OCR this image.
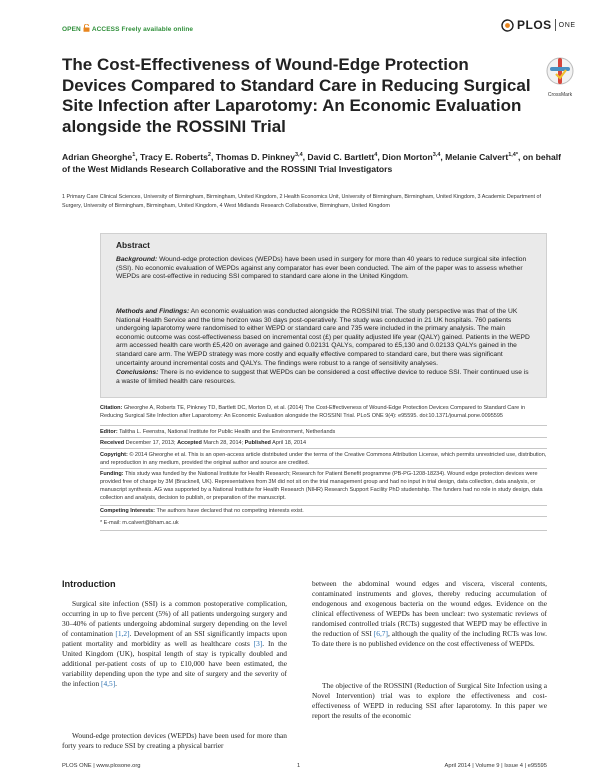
OPEN ACCESS Freely available online	PLOS ONE
The Cost-Effectiveness of Wound-Edge Protection Devices Compared to Standard Care in Reducing Surgical Site Infection after Laparotomy: An Economic Evaluation alongside the ROSSINI Trial
CrossMark
Adrian Gheorghe$^1$, Tracy E. Roberts$^2$, Thomas D. Pinkney$^{3,4}$, David C. Bartlett$^4$, Dion Morton$^{3,4}$, Melanie Calvert$^{1,4*}$, on behalf of the West Midlands Research Collaborative and the ROSSINI Trial Investigators
1 Primary Care Clinical Sciences, University of Birmingham, Birmingham, United Kingdom, 2 Health Economics Unit, University of Birmingham, Birmingham, United Kingdom, 3 Academic Department of Surgery, University of Birmingham, Birmingham, United Kingdom, 4 West Midlands Research Collaborative, Birmingham, United Kingdom
Abstract
Background: Wound-edge protection devices (WEPDs) have been used in surgery for more than 40 years to reduce surgical site infection (SSI). No economic evaluation of WEPDs against any comparator has ever been conducted. The aim of the paper was to assess whether WEPDs are cost-effective in reducing SSI compared to standard care alone in the United Kingdom.
Methods and Findings: An economic evaluation was conducted alongside the ROSSINI trial. The study perspective was that of the UK National Health Service and the time horizon was 30 days post-operatively. The study was conducted in 21 UK hospitals. 760 patients undergoing laparotomy were randomised to either WEPD or standard care and 735 were included in the primary analysis. The main economic outcome was cost-effectiveness based on incremental cost (£) per quality adjusted life year (QALY) gained. Patients in the WEPD arm accessed health care worth £5,420 on average and gained 0.02131 QALYs, compared to £5,130 and 0.02133 QALYs gained in the standard care arm. The WEPD strategy was more costly and equally effective compared to standard care, but there was significant uncertainty around incremental costs and QALYs. The findings were robust to a range of sensitivity analyses.
Conclusions: There is no evidence to suggest that WEPDs can be considered a cost effective device to reduce SSI. Their continued use is a waste of limited health care resources.
Citation: Gheorghe A, Roberts TE, Pinkney TD, Bartlett DC, Morton D, et al. (2014) The Cost-Effectiveness of Wound-Edge Protection Devices Compared to Standard Care in Reducing Surgical Site Infection after Laparotomy: An Economic Evaluation alongside the ROSSINI Trial. PLoS ONE 9(4): e95595. doi:10.1371/journal.pone.0095595
Editor: Talitha L. Feenstra, National Institute for Public Health and the Environment, Netherlands
Received December 17, 2013; Accepted March 28, 2014; Published April 18, 2014
Copyright: © 2014 Gheorghe et al. This is an open-access article distributed under the terms of the Creative Commons Attribution License, which permits unrestricted use, distribution, and reproduction in any medium, provided the original author and source are credited.
Funding: This study was funded by the National Institute for Health Research; Research for Patient Benefit programme (PB-PG-1208-18234). Wound edge protection devices were provided free of charge by 3M (Bracknell, UK). Representatives from 3M did not sit on the trial management group and had no input in trial design, data collection, data analysis, or manuscript synthesis. AG was supported by a National Institute for Health Research (NIHR) Research Support Facility PhD studentship. The funders had no role in study design, data collection and analysis, decision to publish, or preparation of the manuscript.
Competing Interests: The authors have declared that no competing interests exist.
* E-mail: m.calvert@bham.ac.uk
Introduction
Surgical site infection (SSI) is a common postoperative complication, occurring in up to five percent (5%) of all patients undergoing surgery and 30–40% of patients undergoing abdominal surgery depending on the level of contamination [1,2]. Development of an SSI significantly impacts upon patient mortality and morbidity as well as healthcare costs [3]. In the United Kingdom (UK), hospital length of stay is typically doubled and additional per-patient costs of up to £10,000 have been estimated, the variability depending upon the type and site of surgery and the severity of the infection [4,5].
Wound-edge protection devices (WEPDs) have been used for more than forty years to reduce SSI by creating a physical barrier
between the abdominal wound edges and viscera, visceral contents, contaminated instruments and gloves, thereby reducing accumulation of endogenous and exogenous bacteria on the wound edges. Evidence on the clinical effectiveness of WEPDs has been unclear: two systematic reviews of randomised controlled trials (RCTs) suggested that WEPD may be effective in the reduction of SSI [6,7], although the quality of the including RCTs was low. To date there is no published evidence on the cost effectiveness of WEPDs.
The objective of the ROSSINI (Reduction of Surgical Site Infection using a Novel Intervention) trial was to explore the effectiveness and cost-effectiveness of WEPD in reducing SSI after laparotomy. In this paper we report the results of the economic
PLOS ONE | www.plosone.org	1	April 2014 | Volume 9 | Issue 4 | e95595
